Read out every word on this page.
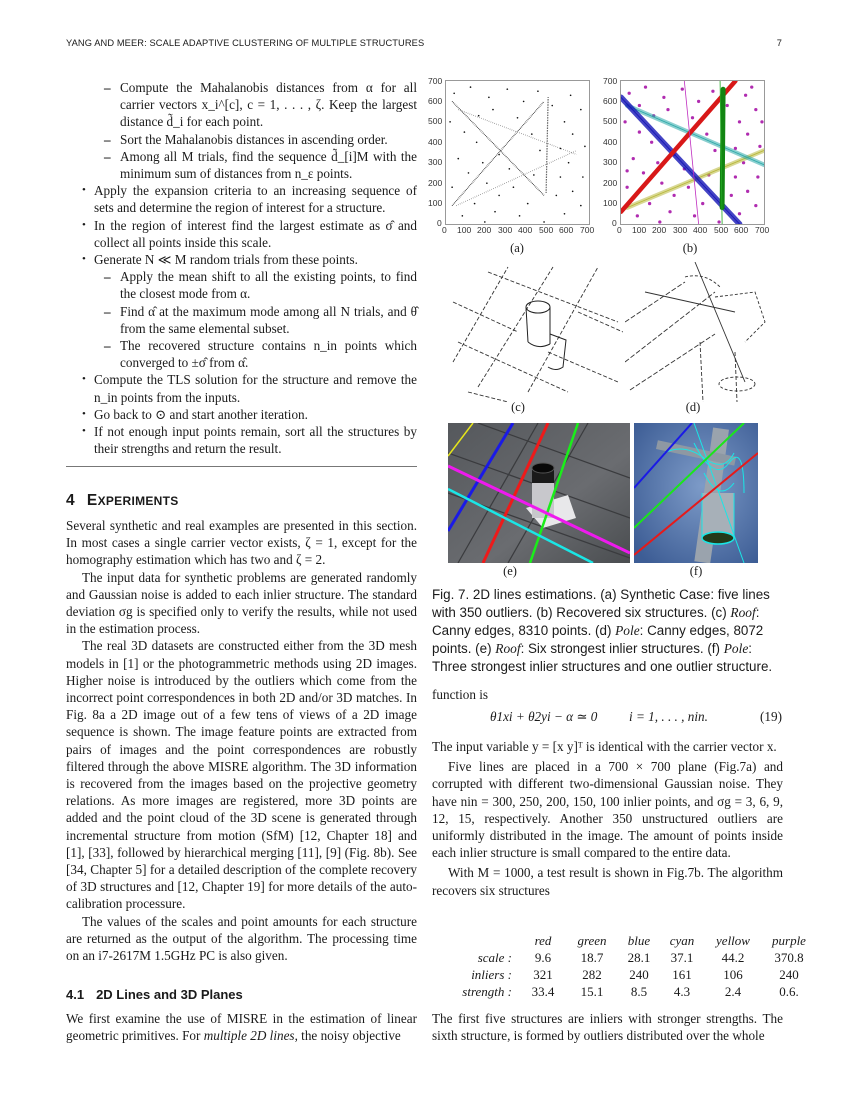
YANG AND MEER: SCALE ADAPTIVE CLUSTERING OF MULTIPLE STRUCTURES	7
– Compute the Mahalanobis distances from α for all carrier vectors x_i^[c], c = 1, . . . , ζ. Keep the largest distance d̃_i for each point.
– Sort the Mahalanobis distances in ascending order.
– Among all M trials, find the sequence d̃_[i]M with the minimum sum of distances from n_ε points.
• Apply the expansion criteria to an increasing sequence of sets and determine the region of interest for a structure.
• In the region of interest find the largest estimate as σ̂ and collect all points inside this scale.
• Generate N ≪ M random trials from these points.
– Apply the mean shift to all the existing points, to find the closest mode from α.
– Find α̂ at the maximum mode among all N trials, and θ̂ from the same elemental subset.
– The recovered structure contains n_in points which converged to ±σ̂ from α̂.
• Compute the TLS solution for the structure and remove the n_in points from the inputs.
• Go back to ⊙ and start another iteration.
• If not enough input points remain, sort all the structures by their strengths and return the result.
4 EXPERIMENTS

Several synthetic and real examples are presented in this section. In most cases a single carrier vector exists, ζ = 1, except for the homography estimation which has two and ζ = 2.

The input data for synthetic problems are generated randomly and Gaussian noise is added to each inlier structure. The standard deviation σg is specified only to verify the results, while not used in the estimation process.

The real 3D datasets are constructed either from the 3D mesh models in [1] or the photogrammetric methods using 2D images. Higher noise is introduced by the outliers which come from the incorrect point correspondences in both 2D and/or 3D matches. In Fig. 8a a 2D image out of a few tens of views of a 2D image sequence is shown. The image feature points are extracted from pairs of images and the point correspondences are robustly filtered through the above MISRE algorithm. The 3D information is recovered from the images based on the projective geometry relations. As more images are registered, more 3D points are added and the point cloud of the 3D scene is generated through incremental structure from motion (SfM) [12, Chapter 18] and [1], [33], followed by hierarchical merging [11], [9] (Fig. 8b). See [34, Chapter 5] for a detailed description of the complete recovery of 3D structures and [12, Chapter 19] for more details of the auto-calibration processure.

The values of the scales and point amounts for each structure are returned as the output of the algorithm. The processing time on an i7-2617M 1.5GHz PC is also given.

4.1 2D Lines and 3D Planes

We first examine the use of MISRE in the estimation of linear geometric primitives. For multiple 2D lines, the noisy objective

700
600
500
400
300
200
100
0
0 100 200 300 400 500 600 700
(a)
700
600
500
400
300
200
100
0
0 100 200 300 400 500 600 700
(b)
(c)	(d)
(e)	(f)
Fig. 7. 2D lines estimations. (a) Synthetic Case: five lines with 350 outliers. (b) Recovered six structures. (c) Roof: Canny edges, 8310 points. (d) Pole: Canny edges, 8072 points. (e) Roof: Six strongest inlier structures. (f) Pole: Three strongest inlier structures and one outlier structure.

function is

θ1xi + θ2yi − α ≃ 0 i = 1, . . . , nin.	(19)

The input variable y = [x y]ᵀ is identical with the carrier vector x.

Five lines are placed in a 700 × 700 plane (Fig.7a) and corrupted with different two-dimensional Gaussian noise. They have nin = 300, 250, 200, 150, 100 inlier points, and σg = 3, 6, 9, 12, 15, respectively. Another 350 unstructured outliers are uniformly distributed in the image. The amount of points inside each inlier structure is small compared to the entire data.

With M = 1000, a test result is shown in Fig.7b. The algorithm recovers six structures

	red	green	blue	cyan	yellow	purple
scale :	9.6	18.7	28.1	37.1	44.2	370.8
inliers :	321	282	240	161	106	240
strength :	33.4	15.1	8.5	4.3	2.4	0.6.

The first five structures are inliers with stronger strengths. The sixth structure, is formed by outliers distributed over the whole
